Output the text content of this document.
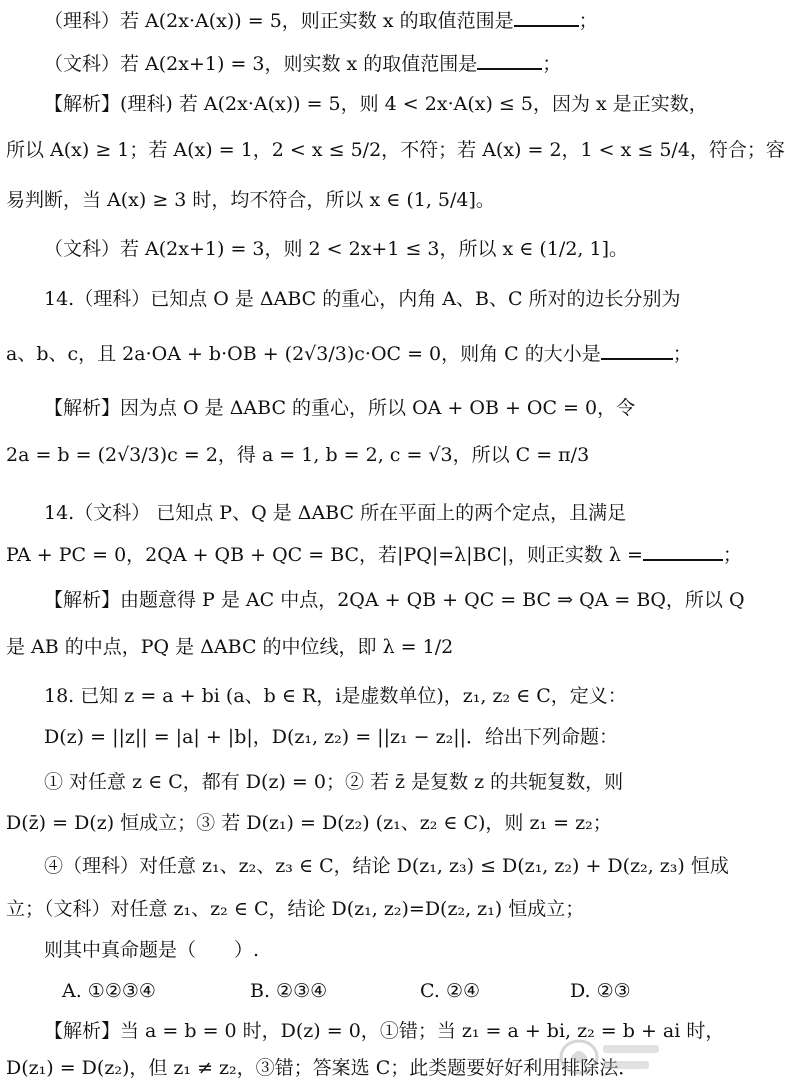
（理科）若 A(2x·A(x)) = 5，则正实数 x 的取值范围是	；
（文科）若 A(2x+1) = 3，则实数 x 的取值范围是	；
【解析】(理科) 若 A(2x·A(x)) = 5，则 4 < 2x·A(x) ≤ 5，因为 x 是正实数，
所以 A(x) ≥ 1；若 A(x) = 1，2 < x ≤ 5/2，不符；若 A(x) = 2，1 < x ≤ 5/4，符合；容
易判断，当 A(x) ≥ 3 时，均不符合，所以 x ∈ (1, 5/4]。
（文科）若 A(2x+1) = 3，则 2 < 2x+1 ≤ 3，所以 x ∈ (1/2, 1]。
14.（理科）已知点 O 是 ΔABC 的重心，内角 A、B、C 所对的边长分别为
a、b、c，且 2a·OA + b·OB + (2√3/3)c·OC = 0，则角 C 的大小是	；
【解析】因为点 O 是 ΔABC 的重心，所以 OA + OB + OC = 0，令
2a = b = (2√3/3)c = 2，得 a = 1, b = 2, c = √3，所以 C = π/3
14.（文科） 已知点 P、Q 是 ΔABC 所在平面上的两个定点，且满足
PA + PC = 0，2QA + QB + QC = BC，若|PQ|=λ|BC|，则正实数 λ =	；
【解析】由题意得 P 是 AC 中点，2QA + QB + QC = BC ⇒ QA = BQ，所以 Q
是 AB 的中点，PQ 是 ΔABC 的中位线，即 λ = 1/2
18. 已知 z = a + bi (a、b ∈ R，i是虚数单位)，z₁, z₂ ∈ C，定义：
D(z) = ||z|| = |a| + |b|，D(z₁, z₂) = ||z₁ − z₂||．给出下列命题：
① 对任意 z ∈ C，都有 D(z) = 0；② 若 z̄ 是复数 z 的共轭复数，则
D(z̄) = D(z) 恒成立；③ 若 D(z₁) = D(z₂) (z₁、z₂ ∈ C)，则 z₁ = z₂；
④（理科）对任意 z₁、z₂、z₃ ∈ C，结论 D(z₁, z₃) ≤ D(z₁, z₂) + D(z₂, z₃) 恒成
立；（文科）对任意 z₁、z₂ ∈ C，结论 D(z₁, z₂)=D(z₂, z₁) 恒成立；
则其中真命题是（　　）.
A. ①②③④	B. ②③④	C. ②④	D. ②③
【解析】当 a = b = 0 时，D(z) = 0，①错；当 z₁ = a + bi, z₂ = b + ai 时，
D(z₁) = D(z₂)，但 z₁ ≠ z₂，③错；答案选 C；此类题要好好利用排除法．
